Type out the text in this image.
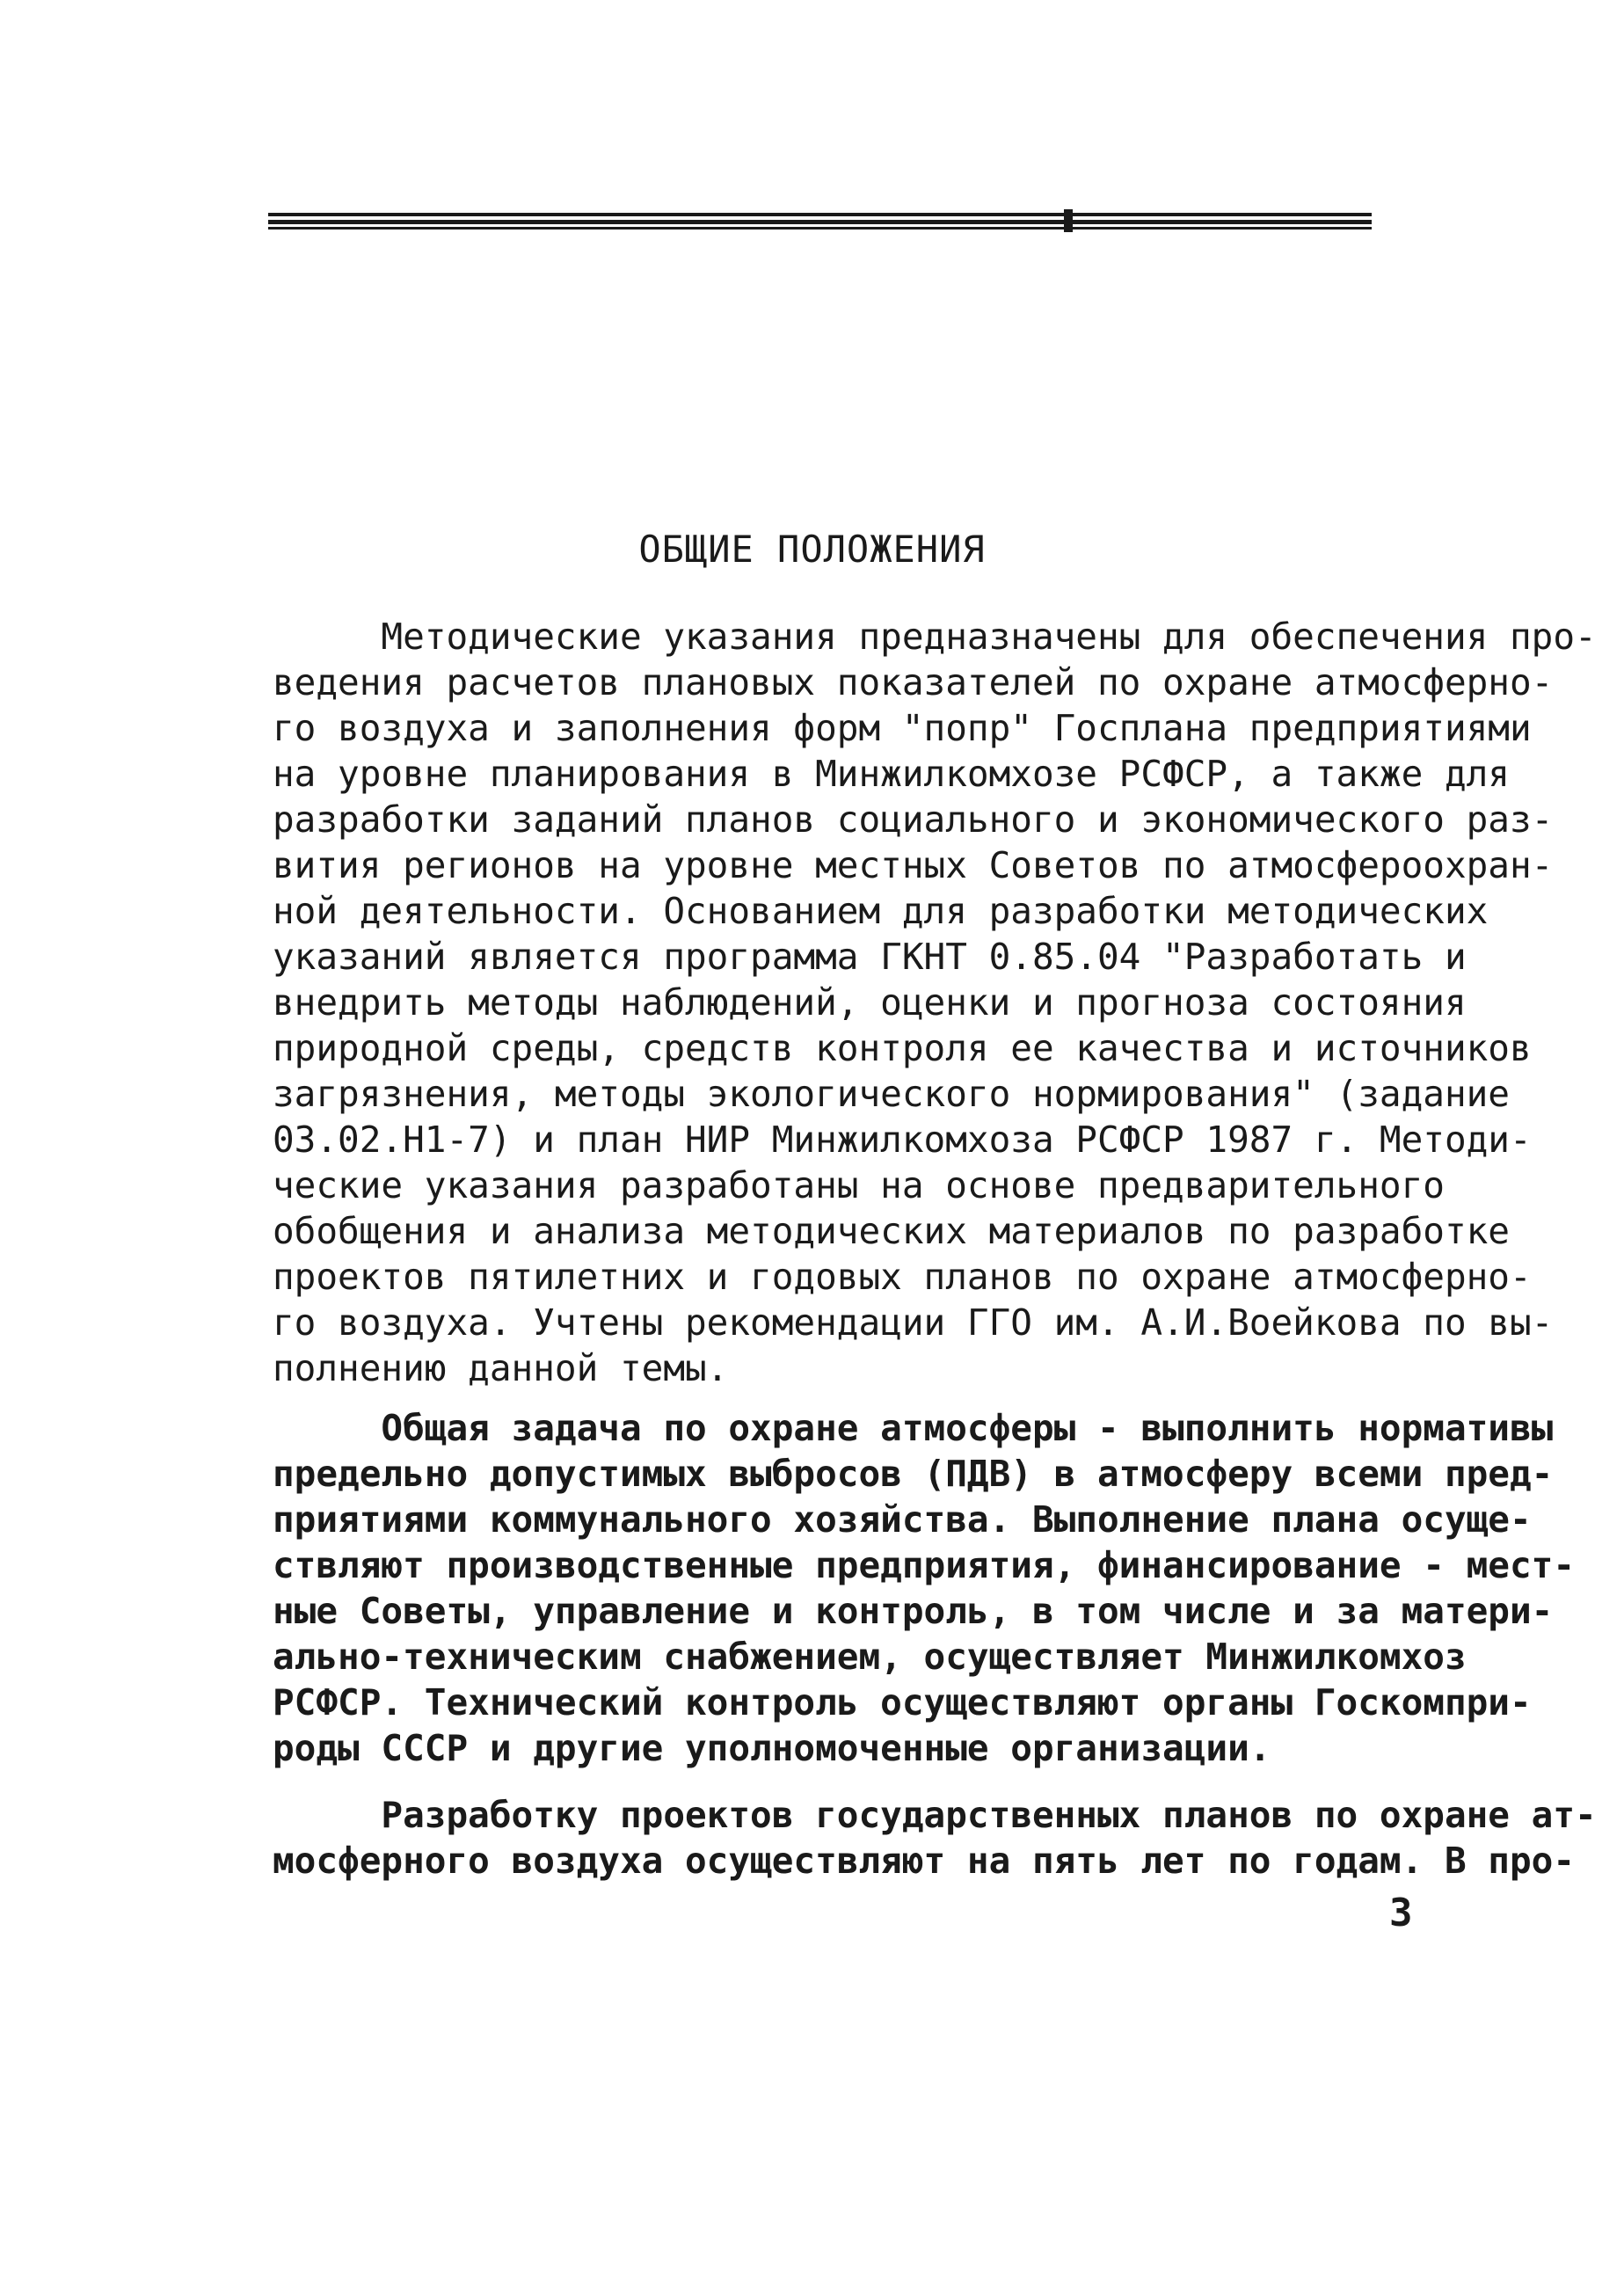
ОБЩИЕ ПОЛОЖЕНИЯ
Методические указания предназначены для обеспечения про-
ведения расчетов плановых показателей по охране атмосферно-
го воздуха и заполнения форм "попр" Госплана предприятиями
на уровне планирования в Минжилкомхозе РСФСР, а также для
разработки заданий планов социального и экономического раз-
вития регионов на уровне местных Советов по атмосфероохран-
ной деятельности. Основанием для разработки методических
указаний является программа ГКНТ 0.85.04 "Разработать и
внедрить методы наблюдений, оценки и прогноза состояния
природной среды, средств контроля ее качества и источников
загрязнения, методы экологического нормирования" (задание
03.02.Н1-7) и план НИР Минжилкомхоза РСФСР 1987 г. Методи-
ческие указания разработаны на основе предварительного
обобщения и анализа методических материалов по разработке
проектов пятилетних и годовых планов по охране атмосферно-
го воздуха. Учтены рекомендации ГГО им. А.И.Воейкова по вы-
полнению данной темы.
Общая задача по охране атмосферы - выполнить нормативы
предельно допустимых выбросов (ПДВ) в атмосферу всеми пред-
приятиями коммунального хозяйства. Выполнение плана осуще-
ствляют производственные предприятия, финансирование - мест-
ные Советы, управление и контроль, в том числе и за матери-
ально-техническим снабжением, осуществляет Минжилкомхоз
РСФСР. Технический контроль осуществляют органы Госкомпри-
роды СССР и другие уполномоченные организации.
Разработку проектов государственных планов по охране ат-
мосферного воздуха осуществляют на пять лет по годам. В про-
3
